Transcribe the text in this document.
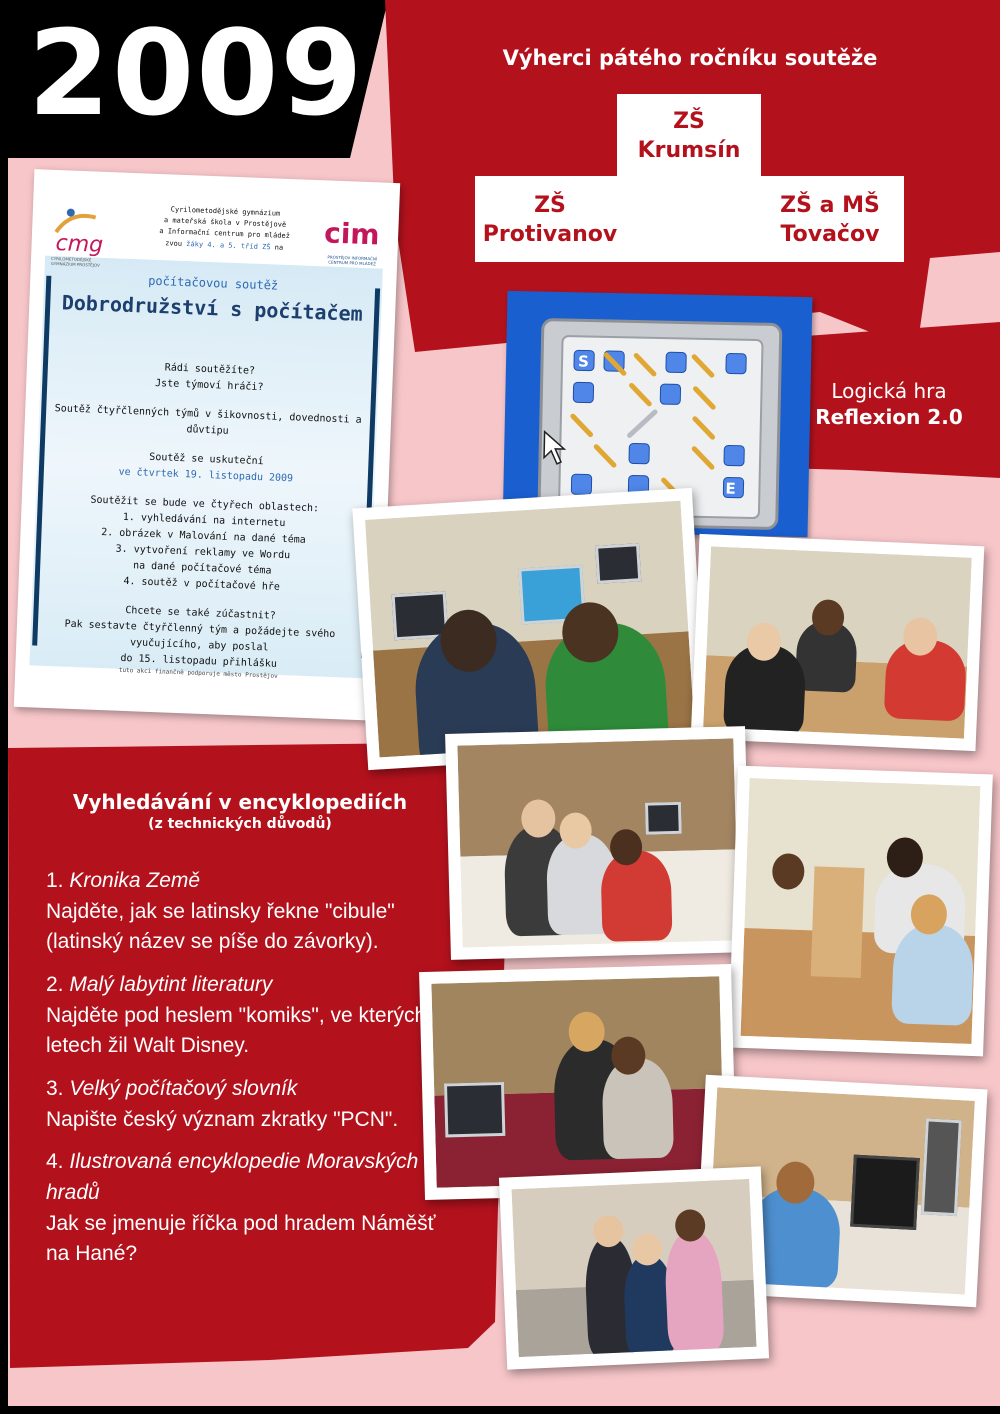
2009	Výherci pátého ročníku soutěže
ZŠ
Krumsín
ZŠ
Protivanov
ZŠ a MŠ
Tovačov
cmg
CYRILOMETODĚJSKÉ GYMNÁZIUM PROSTĚJOV
cim
PROSTĚJOV INFORMAČNÍ CENTRUM PRO MLÁDEŽ
Cyrilometodějské gymnázium
a mateřská škola v Prostějově
a Informační centrum pro mládež
zvou žáky 4. a 5. tříd ZŠ na
počítačovou soutěž
Dobrodružství s počítačem

Rádi soutěžíte?
Jste týmoví hráči?

Soutěž čtyřčlenných týmů v šikovnosti, dovednosti a důvtipu

Soutěž se uskuteční
ve čtvrtek 19. listopadu 2009

Soutěžit se bude ve čtyřech oblastech:
1. vyhledávání na internetu
2. obrázek v Malování na dané téma
3. vytvoření reklamy ve Wordu
na dané počítačové téma
4. soutěž v počítačové hře

Chcete se také zúčastnit?
Pak sestavte čtyřčlenný tým a požádejte svého vyučujícího, aby poslal
do 15. listopadu přihlášku

tuto akci finančně podporuje město Prostějov
S
E
Logická hra
Reflexion 2.0
Vyhledávání v encyklopediích
(z technických důvodů)
1. Kronika Země
Najděte, jak se latinsky řekne "cibule" (latinský název se píše do závorky).
2. Malý labytint literatury
Najděte pod heslem "komiks", ve kterých letech žil Walt Disney.
3. Velký počítačový slovník
Napište český význam zkratky "PCN".
4. Ilustrovaná encyklopedie Moravských hradů
Jak se jmenuje říčka pod hradem Náměšť na Hané?
